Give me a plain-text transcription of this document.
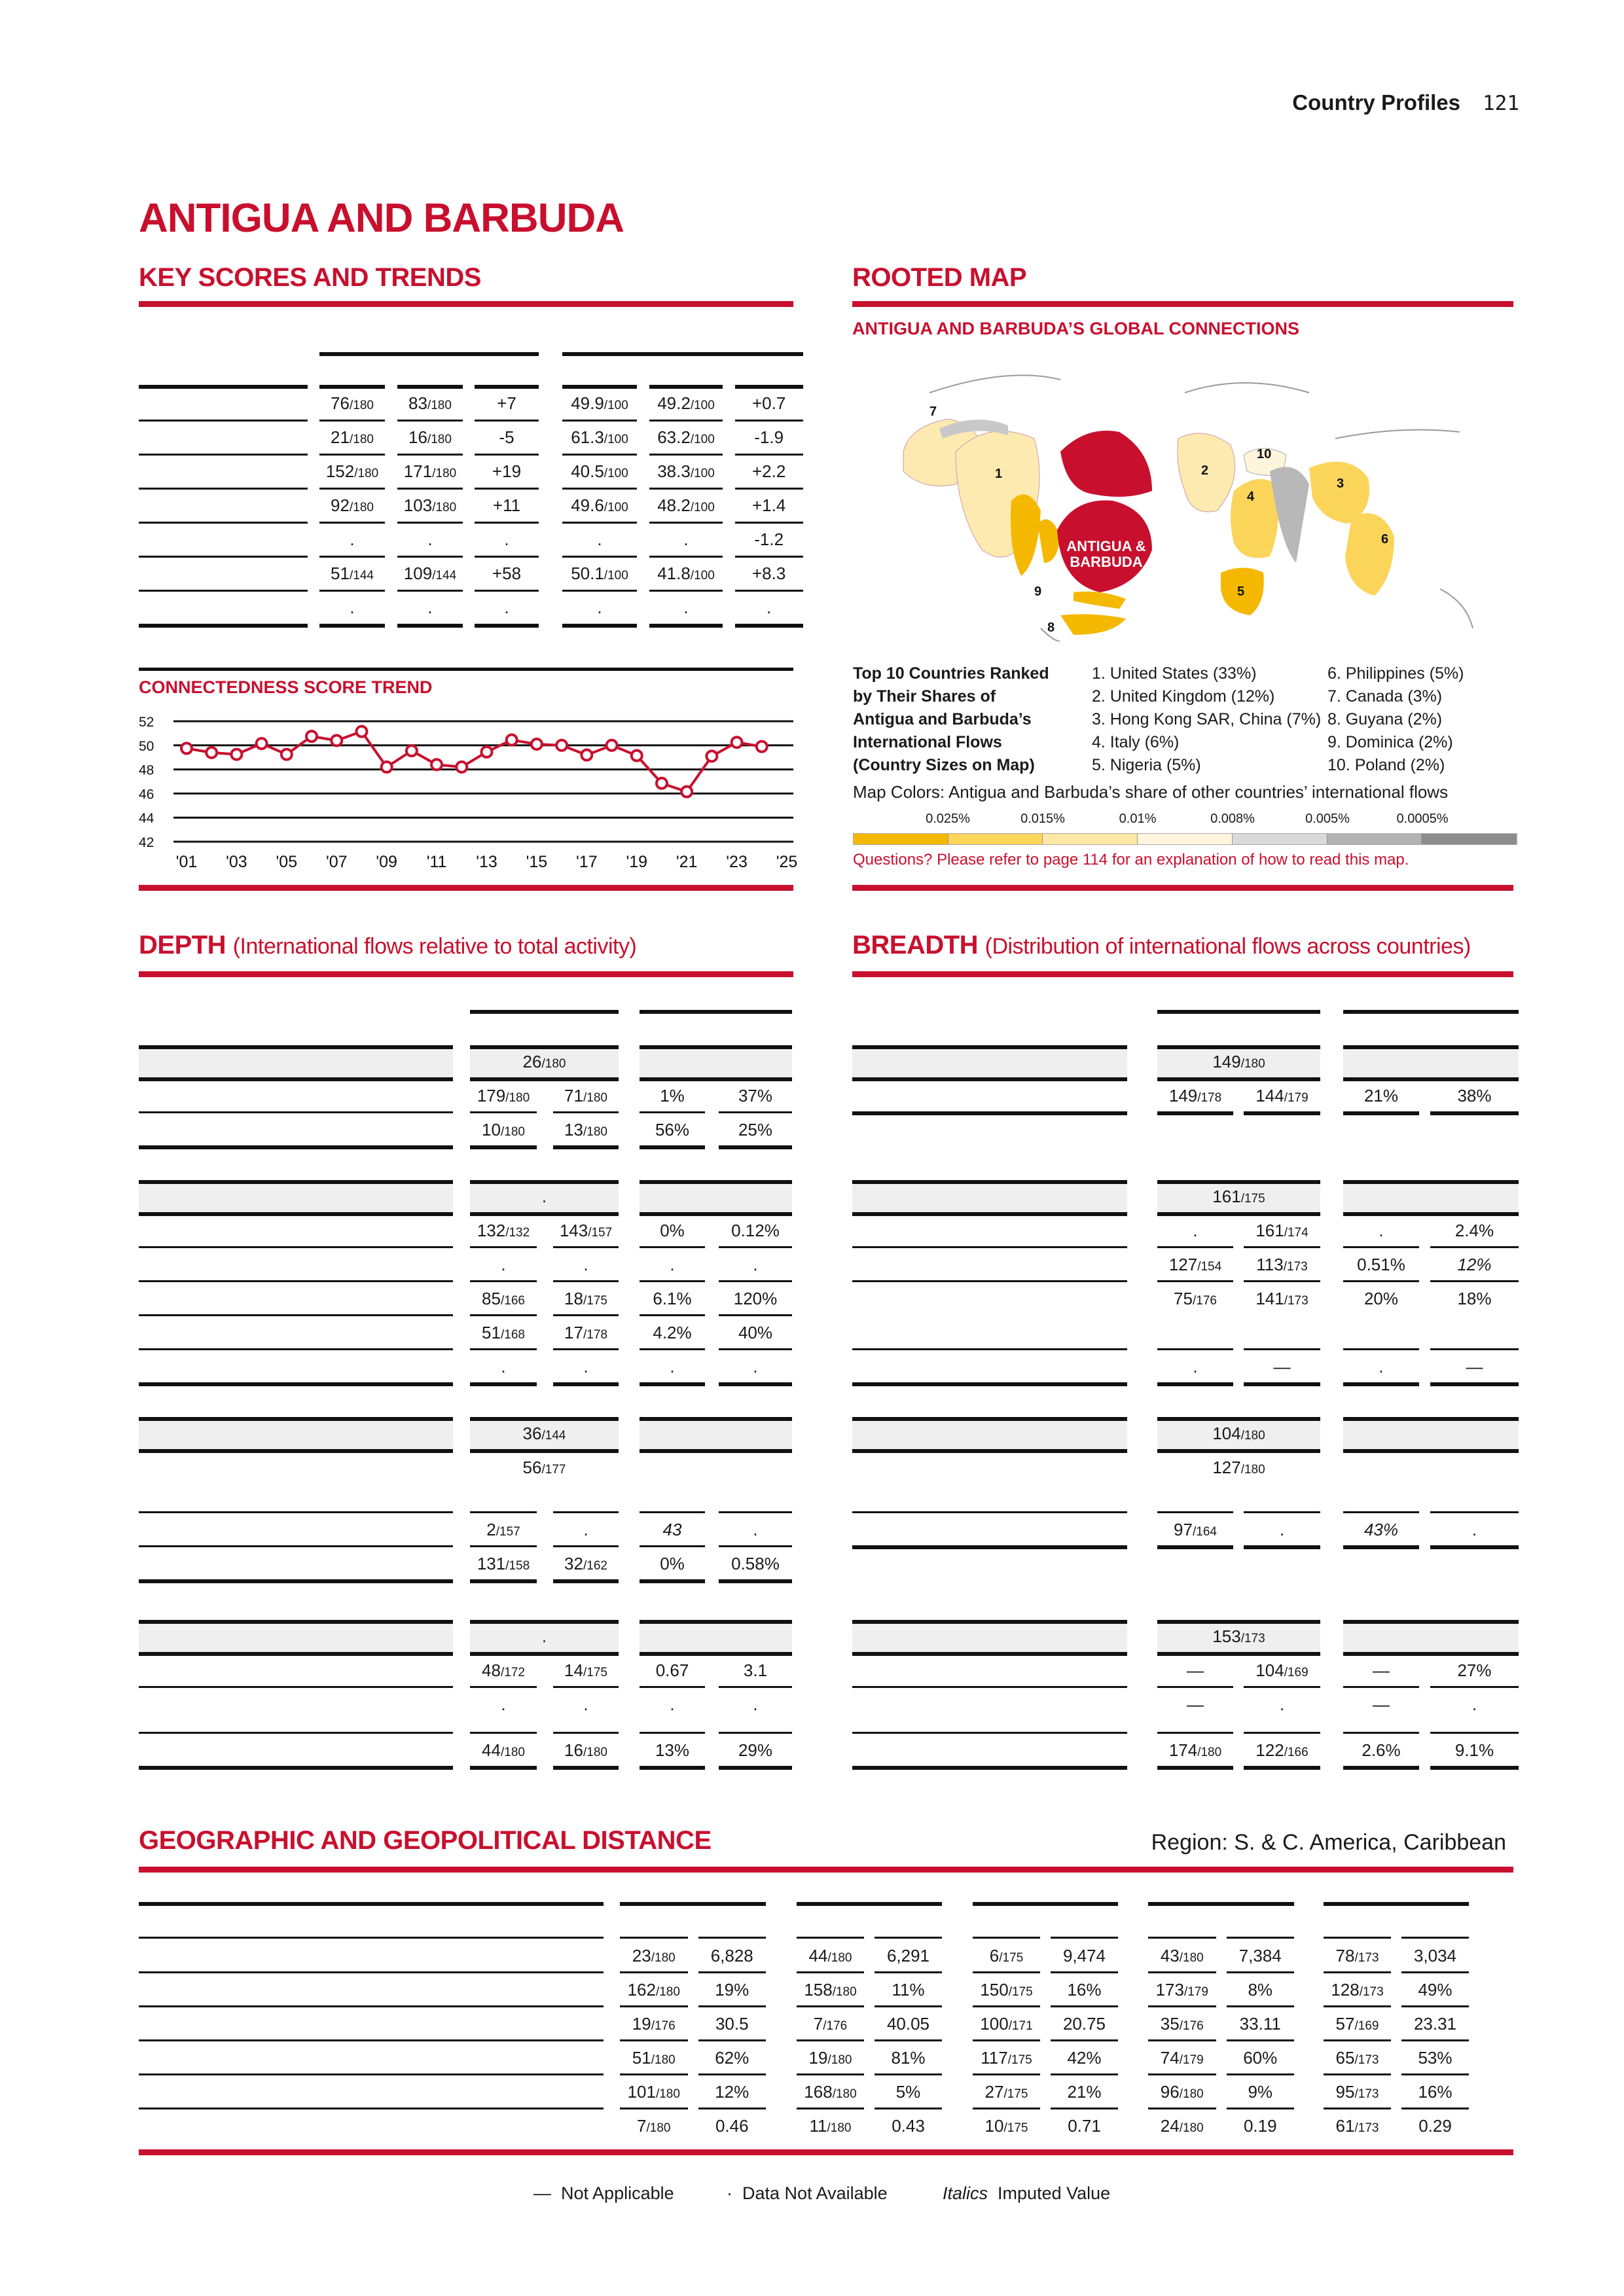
Country Profiles 121
ANTIGUA AND BARBUDA
KEY SCORES AND TRENDS
76/180	83/180	+7	49.9/100	49.2/100	+0.7
21/180	16/180	-5	61.3/100	63.2/100	-1.9
152/180	171/180	+19	40.5/100	38.3/100	+2.2
92/180	103/180	+11	49.6/100	48.2/100	+1.4
.	.	.	.	.	-1.2
51/144	109/144	+58	50.1/100	41.8/100	+8.3
.	.	.	.	.	.
CONNECTEDNESS SCORE TREND
52
50
48
46
44
42
'01 '03 '05 '07 '09 '11 '13 '15 '17 '19 '21 '23 '25
ROOTED MAP
ANTIGUA AND BARBUDA’S GLOBAL CONNECTIONS
ANTIGUA &
BARBUDA
1	2
3
4
5
6
7
8
9
10
Top 10 Countries Ranked
by Their Shares of
Antigua and Barbuda’s
International Flows
(Country Sizes on Map)
1. United States (33%)
2. United Kingdom (12%)
3. Hong Kong SAR, China (7%)
4. Italy (6%)
5. Nigeria (5%)
6. Philippines (5%)
7. Canada (3%)
8. Guyana (2%)
9. Dominica (2%)
10. Poland (2%)
Map Colors: Antigua and Barbuda’s share of other countries’ international flows
0.025%	0.015%	0.01%	0.008%	0.005%	0.0005%
Questions? Please refer to page 114 for an explanation of how to read this map.
DEPTH (International flows relative to total activity)
26/180
179/180	71/180	1%	37%
10/180	13/180	56%	25%
.
132/132	143/157	0%	0.12%
.	.	.	.
85/166	18/175	6.1%	120%
51/168	17/178	4.2%	40%
.	.	.	.
36/144
56/177
2/157	.	43	.
131/158	32/162	0%	0.58%
.
48/172	14/175	0.67	3.1
.	.	.	.
44/180	16/180	13%	29%
BREADTH (Distribution of international flows across countries)
149/180
149/178	144/179	21%	38%
161/175
.	161/174	.	2.4%
127/154	113/173	0.51%	12%
75/176	141/173	20%	18%
.	—	.	—
104/180
127/180
97/164	.	43%	.
153/173
—	104/169	—	27%
—	.	—	.
174/180	122/166	2.6%	9.1%
GEOGRAPHIC AND GEOPOLITICAL DISTANCE	Region: S. & C. America, Caribbean
23/180	6,828	44/180	6,291	6/175	9,474	43/180	7,384	78/173	3,034
162/180	19%	158/180	11%	150/175	16%	173/179	8%	128/173	49%
19/176	30.5	7/176	40.05	100/171	20.75	35/176	33.11	57/169	23.31
51/180	62%	19/180	81%	117/175	42%	74/179	60%	65/173	53%
101/180	12%	168/180	5%	27/175	21%	96/180	9%	95/173	16%
7/180	0.46	11/180	0.43	10/175	0.71	24/180	0.19	61/173	0.29
— Not Applicable	· Data Not Available	Italics Imputed Value
